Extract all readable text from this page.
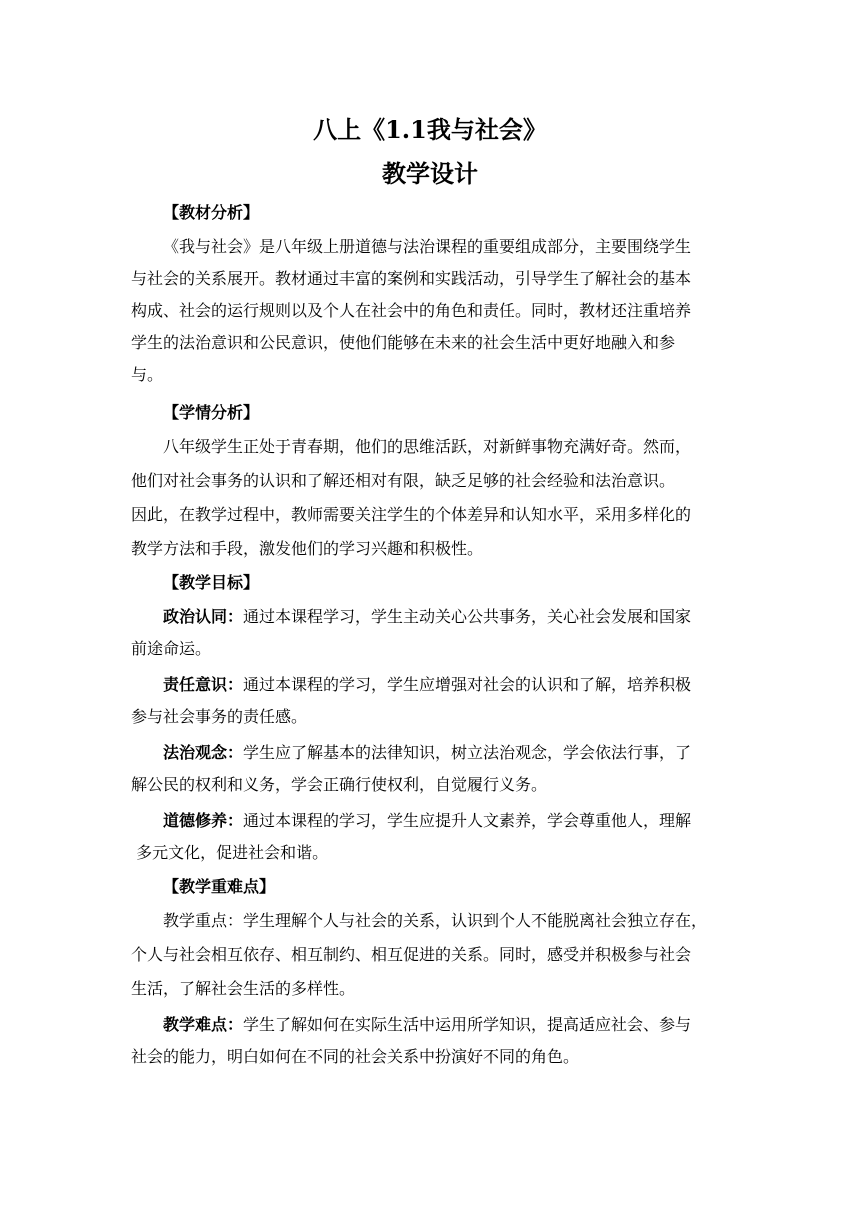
八上《1.1我与社会》
教学设计
【教材分析】
《我与社会》是八年级上册道德与法治课程的重要组成部分，主要围绕学生
与社会的关系展开。教材通过丰富的案例和实践活动，引导学生了解社会的基本
构成、社会的运行规则以及个人在社会中的角色和责任。同时，教材还注重培养
学生的法治意识和公民意识，使他们能够在未来的社会生活中更好地融入和参
与。
【学情分析】
八年级学生正处于青春期，他们的思维活跃，对新鲜事物充满好奇。然而，
他们对社会事务的认识和了解还相对有限，缺乏足够的社会经验和法治意识。
因此，在教学过程中，教师需要关注学生的个体差异和认知水平，采用多样化的
教学方法和手段，激发他们的学习兴趣和积极性。
【教学目标】
政治认同：通过本课程学习，学生主动关心公共事务，关心社会发展和国家
前途命运。
责任意识：通过本课程的学习，学生应增强对社会的认识和了解，培养积极
参与社会事务的责任感。
法治观念：学生应了解基本的法律知识，树立法治观念，学会依法行事，了
解公民的权利和义务，学会正确行使权利，自觉履行义务。
道德修养：通过本课程的学习，学生应提升人文素养，学会尊重他人，理解
多元文化，促进社会和谐。
【教学重难点】
教学重点：学生理解个人与社会的关系，认识到个人不能脱离社会独立存在，
个人与社会相互依存、相互制约、相互促进的关系。同时，感受并积极参与社会
生活，了解社会生活的多样性。
教学难点：学生了解如何在实际生活中运用所学知识，提高适应社会、参与
社会的能力，明白如何在不同的社会关系中扮演好不同的角色。
